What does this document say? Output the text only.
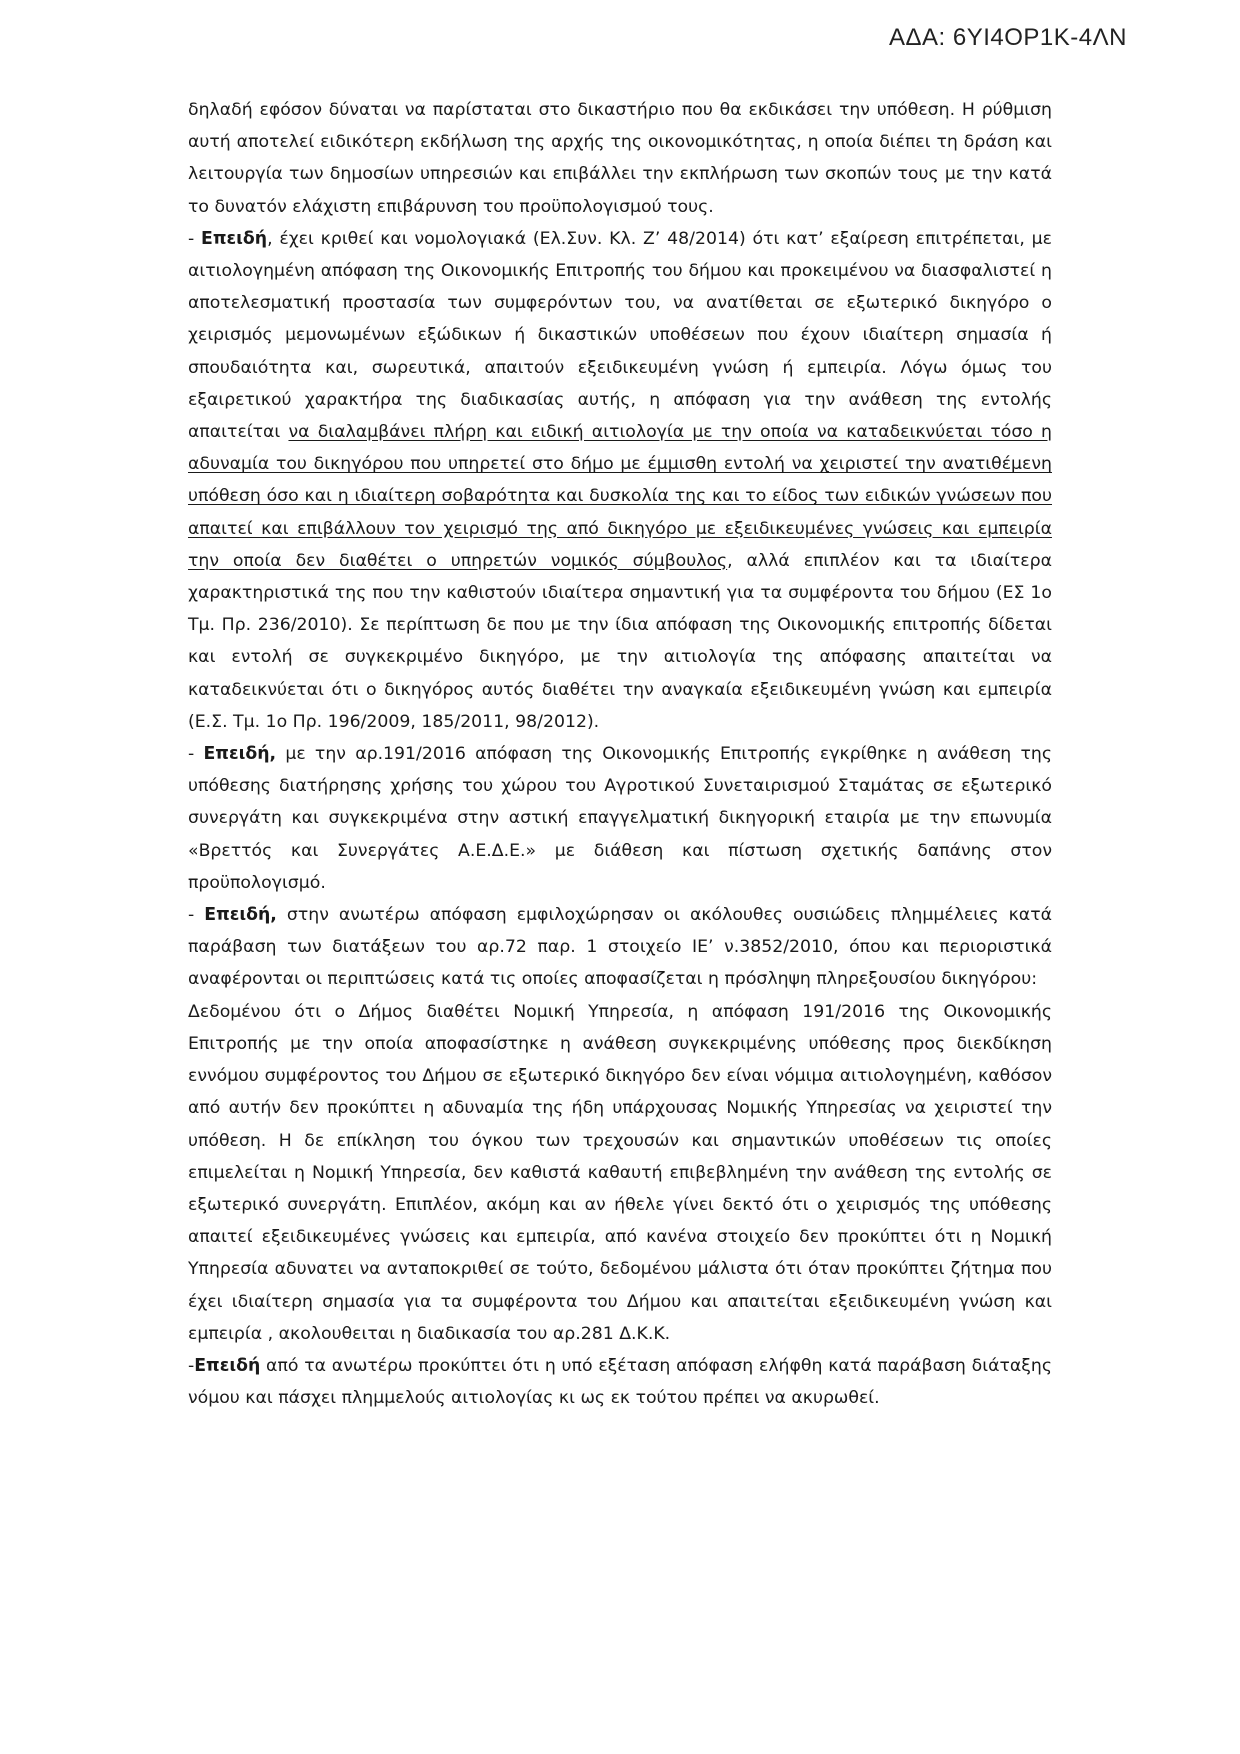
ΑΔΑ: 6ΥΙ4ΟΡ1Κ-4ΛΝ

δηλαδή εφόσον δύναται να παρίσταται στο δικαστήριο που θα εκδικάσει την υπόθεση. Η ρύθμιση αυτή αποτελεί ειδικότερη εκδήλωση της αρχής της οικονομικότητας, η οποία διέπει τη δράση και λειτουργία των δημοσίων υπηρεσιών και επιβάλλει την εκπλήρωση των σκοπών τους με την κατά το δυνατόν ελάχιστη επιβάρυνση του προϋπολογισμού τους.

- Επειδή, έχει κριθεί και νομολογιακά (Ελ.Συν. Κλ. Ζ’ 48/2014) ότι κατ’ εξαίρεση επιτρέπεται, με αιτιολογημένη απόφαση της Οικονομικής Επιτροπής του δήμου και προκειμένου να διασφαλιστεί η αποτελεσματική προστασία των συμφερόντων του, να ανατίθεται σε εξωτερικό δικηγόρο ο χειρισμός μεμονωμένων εξώδικων ή δικαστικών υποθέσεων που έχουν ιδιαίτερη σημασία ή σπουδαιότητα και, σωρευτικά, απαιτούν εξειδικευμένη γνώση ή εμπειρία. Λόγω όμως του εξαιρετικού χαρακτήρα της διαδικασίας αυτής, η απόφαση για την ανάθεση της εντολής απαιτείται να διαλαμβάνει πλήρη και ειδική αιτιολογία με την οποία να καταδεικνύεται τόσο η αδυναμία του δικηγόρου που υπηρετεί στο δήμο με έμμισθη εντολή να χειριστεί την ανατιθέμενη υπόθεση όσο και η ιδιαίτερη σοβαρότητα και δυσκολία της και το είδος των ειδικών γνώσεων που απαιτεί και επιβάλλουν τον χειρισμό της από δικηγόρο με εξειδικευμένες γνώσεις και εμπειρία την οποία δεν διαθέτει ο υπηρετών νομικός σύμβουλος, αλλά επιπλέον και τα ιδιαίτερα χαρακτηριστικά της που την καθιστούν ιδιαίτερα σημαντική για τα συμφέροντα του δήμου (ΕΣ 1ο Τμ. Πρ. 236/2010). Σε περίπτωση δε που με την ίδια απόφαση της Οικονομικής επιτροπής δίδεται και εντολή σε συγκεκριμένο δικηγόρο, με την αιτιολογία της απόφασης απαιτείται να καταδεικνύεται ότι ο δικηγόρος αυτός διαθέτει την αναγκαία εξειδικευμένη γνώση και εμπειρία (Ε.Σ. Τμ. 1ο Πρ. 196/2009, 185/2011, 98/2012).

- Επειδή, με την αρ.191/2016 απόφαση της Οικονομικής Επιτροπής εγκρίθηκε η ανάθεση της υπόθεσης διατήρησης χρήσης του χώρου του Αγροτικού Συνεταιρισμού Σταμάτας σε εξωτερικό συνεργάτη και συγκεκριμένα στην αστική επαγγελματική δικηγορική εταιρία με την επωνυμία «Βρεττός και Συνεργάτες Α.Ε.Δ.Ε.» με διάθεση και πίστωση σχετικής δαπάνης στον προϋπολογισμό.

- Επειδή, στην ανωτέρω απόφαση εμφιλοχώρησαν οι ακόλουθες ουσιώδεις πλημμέλειες κατά παράβαση των διατάξεων του αρ.72 παρ. 1 στοιχείο ΙΕ’ ν.3852/2010, όπου και περιοριστικά αναφέρονται οι περιπτώσεις κατά τις οποίες αποφασίζεται η πρόσληψη πληρεξουσίου δικηγόρου:

Δεδομένου ότι ο Δήμος διαθέτει Νομική Υπηρεσία, η απόφαση 191/2016 της Οικονομικής Επιτροπής με την οποία αποφασίστηκε η ανάθεση συγκεκριμένης υπόθεσης προς διεκδίκηση εννόμου συμφέροντος του Δήμου σε εξωτερικό δικηγόρο δεν είναι νόμιμα αιτιολογημένη, καθόσον από αυτήν δεν προκύπτει η αδυναμία της ήδη υπάρχουσας Νομικής Υπηρεσίας να χειριστεί την υπόθεση. Η δε επίκληση του όγκου των τρεχουσών και σημαντικών υποθέσεων τις οποίες επιμελείται η Νομική Υπηρεσία, δεν καθιστά καθαυτή επιβεβλημένη την ανάθεση της εντολής σε εξωτερικό συνεργάτη. Επιπλέον, ακόμη και αν ήθελε γίνει δεκτό ότι ο χειρισμός της υπόθεσης απαιτεί εξειδικευμένες γνώσεις και εμπειρία, από κανένα στοιχείο δεν προκύπτει ότι η Νομική Υπηρεσία αδυνατει να ανταποκριθεί σε τούτο, δεδομένου μάλιστα ότι όταν προκύπτει ζήτημα που έχει ιδιαίτερη σημασία για τα συμφέροντα του Δήμου και απαιτείται εξειδικευμένη γνώση και εμπειρία , ακολουθειται η διαδικασία του αρ.281 Δ.Κ.Κ.

-Επειδή από τα ανωτέρω προκύπτει ότι η υπό εξέταση απόφαση ελήφθη κατά παράβαση διάταξης νόμου και πάσχει πλημμελούς αιτιολογίας κι ως εκ τούτου πρέπει να ακυρωθεί.
